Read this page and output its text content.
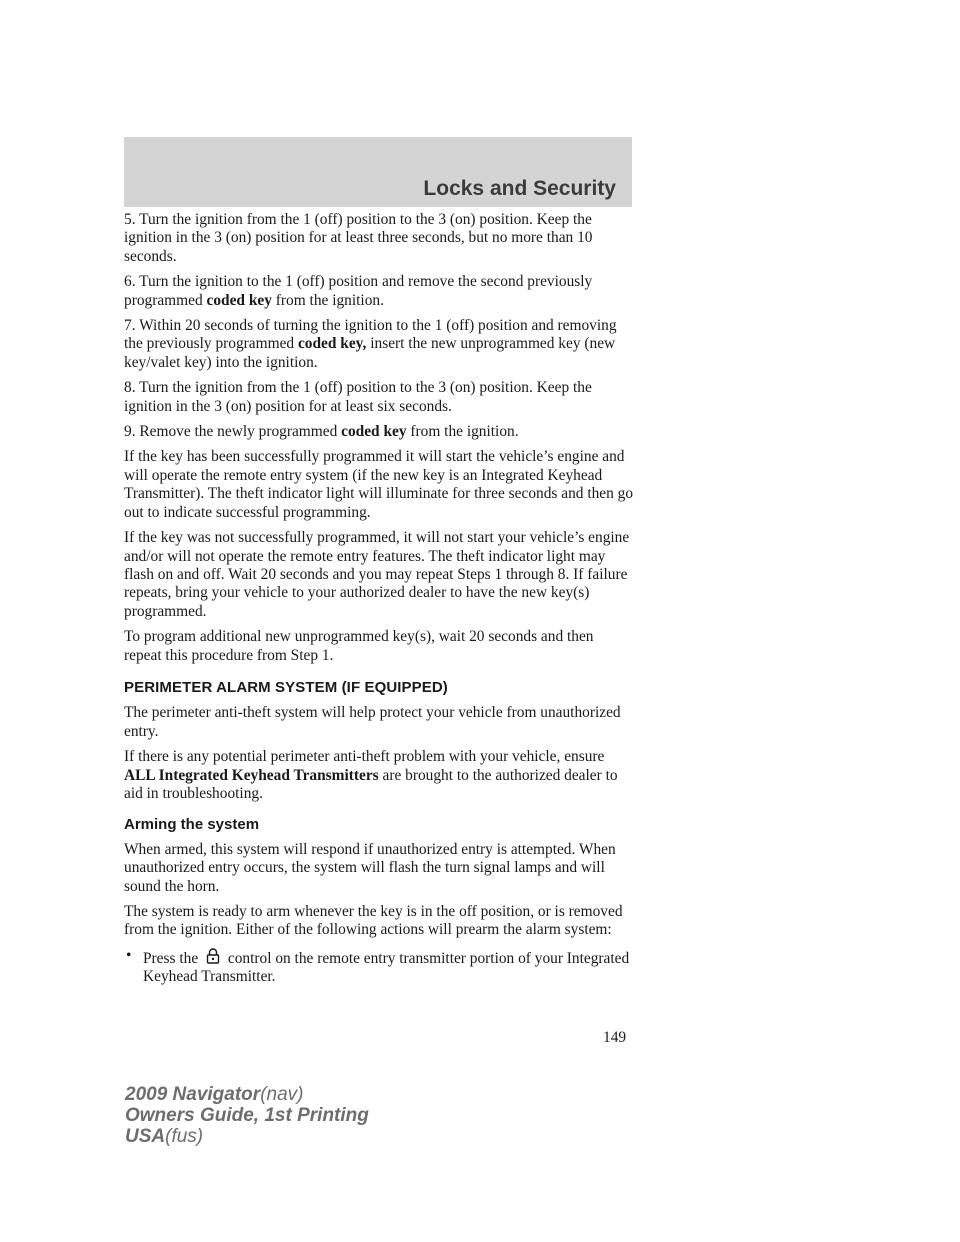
Locks and Security

5. Turn the ignition from the 1 (off) position to the 3 (on) position. Keep the ignition in the 3 (on) position for at least three seconds, but no more than 10 seconds.

6. Turn the ignition to the 1 (off) position and remove the second previously programmed coded key from the ignition.

7. Within 20 seconds of turning the ignition to the 1 (off) position and removing the previously programmed coded key, insert the new unprogrammed key (new key/valet key) into the ignition.

8. Turn the ignition from the 1 (off) position to the 3 (on) position. Keep the ignition in the 3 (on) position for at least six seconds.

9. Remove the newly programmed coded key from the ignition.

If the key has been successfully programmed it will start the vehicle’s engine and will operate the remote entry system (if the new key is an Integrated Keyhead Transmitter). The theft indicator light will illuminate for three seconds and then go out to indicate successful programming.

If the key was not successfully programmed, it will not start your vehicle’s engine and/or will not operate the remote entry features. The theft indicator light may flash on and off. Wait 20 seconds and you may repeat Steps 1 through 8. If failure repeats, bring your vehicle to your authorized dealer to have the new key(s) programmed.

To program additional new unprogrammed key(s), wait 20 seconds and then repeat this procedure from Step 1.

PERIMETER ALARM SYSTEM (IF EQUIPPED)

The perimeter anti-theft system will help protect your vehicle from unauthorized entry.

If there is any potential perimeter anti-theft problem with your vehicle, ensure ALL Integrated Keyhead Transmitters are brought to the authorized dealer to aid in troubleshooting.

Arming the system

When armed, this system will respond if unauthorized entry is attempted. When unauthorized entry occurs, the system will flash the turn signal lamps and will sound the horn.

The system is ready to arm whenever the key is in the off position, or is removed from the ignition. Either of the following actions will prearm the alarm system:

• Press the control on the remote entry transmitter portion of your Integrated Keyhead Transmitter.

149
2009 Navigator(nav)
Owners Guide, 1st Printing
USA(fus)
